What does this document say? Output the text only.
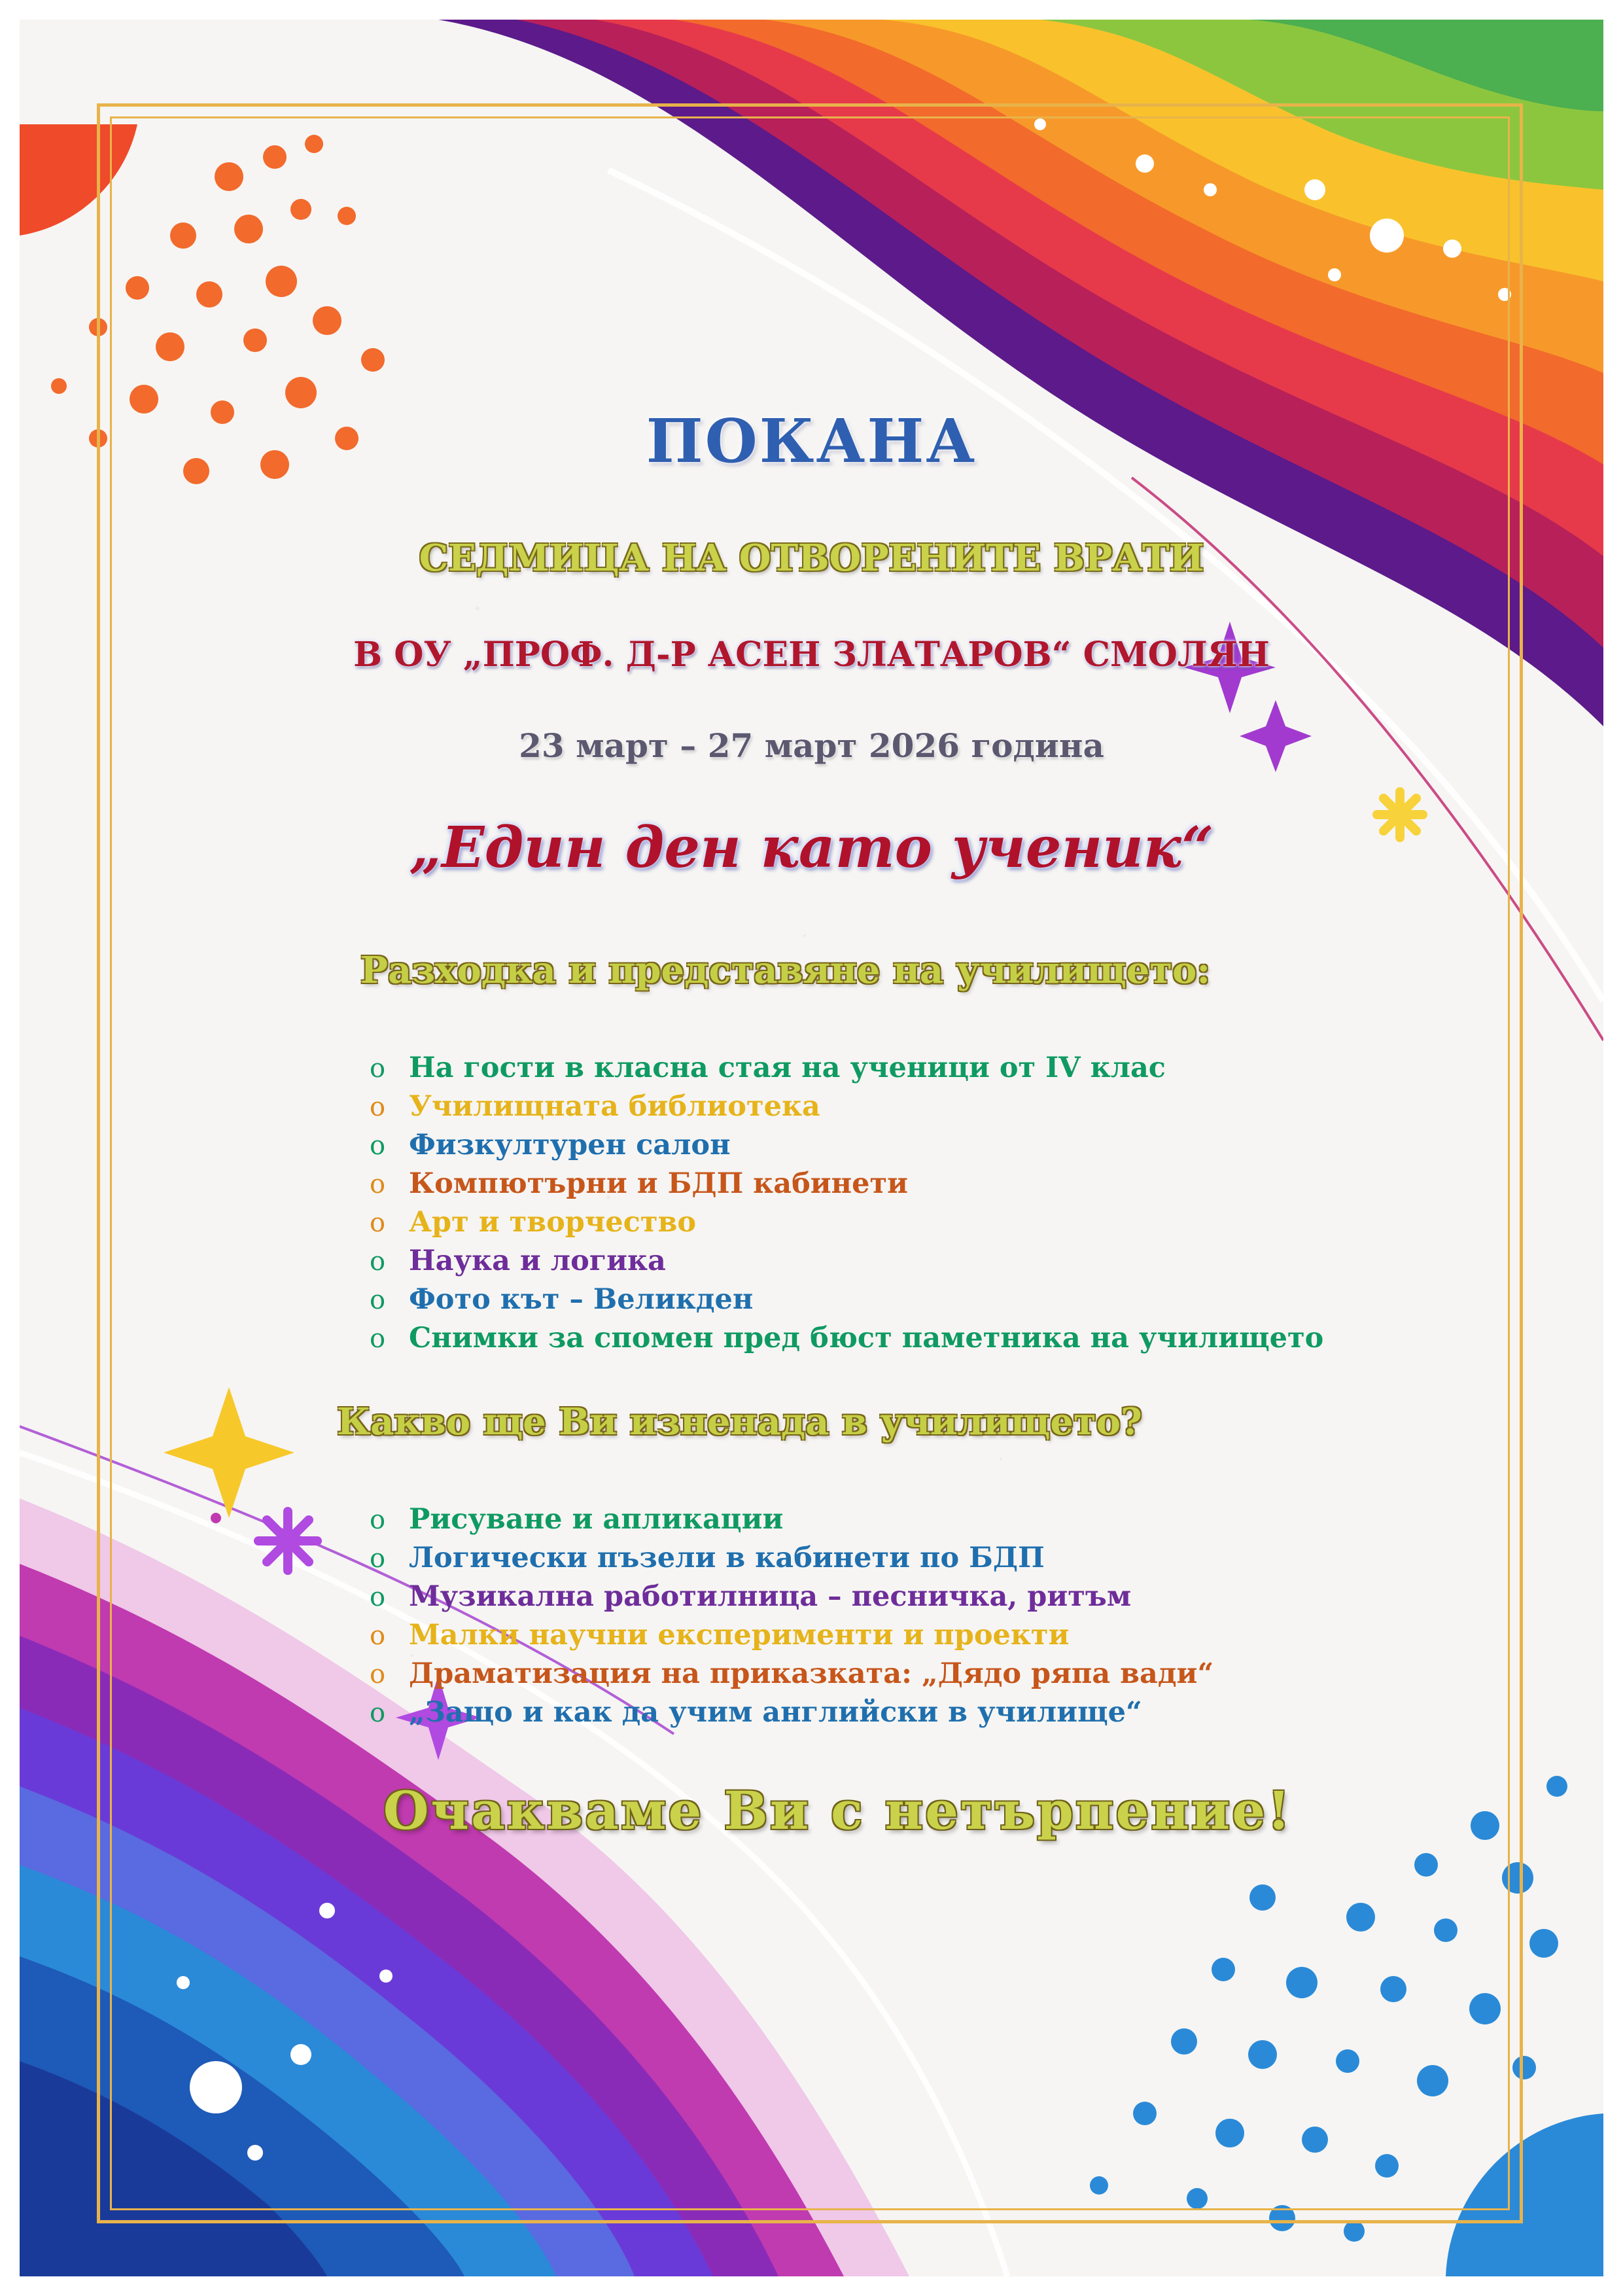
ПОКАНА
СЕДМИЦА НА ОТВОРЕНИТЕ ВРАТИ
В ОУ „ПРОФ. Д-Р АСЕН ЗЛАТАРОВ“ СМОЛЯН
23 март – 27 март 2026 година
„Един ден като ученик“
Разходка и представяне на училището:
o На гости в класна стая на ученици от IV клас
o Училищната библиотека
o Физкултурен салон
o Компютърни и БДП кабинети
o Арт и творчество
o Наука и логика
o Фото кът – Великден
o Снимки за спомен пред бюст паметника на училището
Какво ще Ви изненада в училището?
o Рисуване и апликации
o Логически пъзели в кабинети по БДП
o Музикална работилница – песничка, ритъм
o Малки научни експерименти и проекти
o Драматизация на приказката: „Дядо ряпа вади“
o „Защо и как да учим английски в училище“
Очакваме Ви с нетърпение!
